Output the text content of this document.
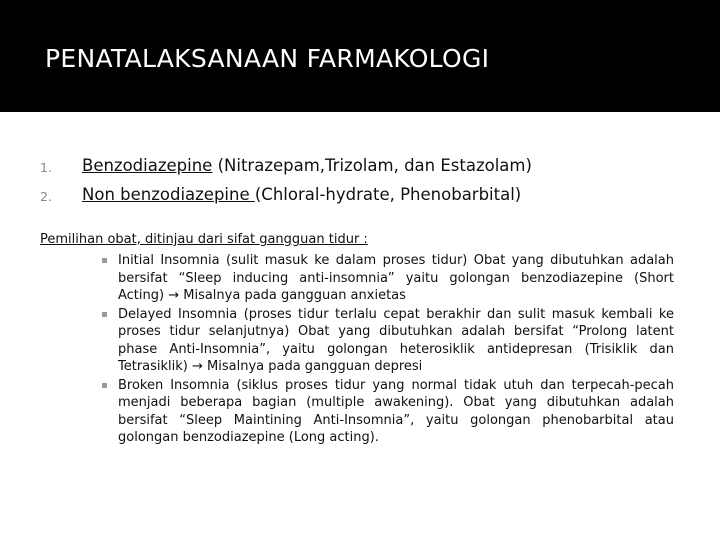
PENATALAKSANAAN FARMAKOLOGI
1. Benzodiazepine (Nitrazepam,Trizolam, dan Estazolam)
2. Non benzodiazepine (Chloral-hydrate, Phenobarbital)
Pemilihan obat, ditinjau dari sifat gangguan tidur :
Initial Insomnia (sulit masuk ke dalam proses tidur) Obat yang dibutuhkan adalah bersifat “Sleep inducing anti-insomnia” yaitu golongan benzodiazepine (Short Acting) → Misalnya pada gangguan anxietas
Delayed Insomnia (proses tidur terlalu cepat berakhir dan sulit masuk kembali ke proses tidur selanjutnya) Obat yang dibutuhkan adalah bersifat “Prolong latent phase Anti-Insomnia”, yaitu golongan heterosiklik antidepresan (Trisiklik dan Tetrasiklik) → Misalnya pada gangguan depresi
Broken Insomnia (siklus proses tidur yang normal tidak utuh dan terpecah-pecah menjadi beberapa bagian (multiple awakening). Obat yang dibutuhkan adalah bersifat “Sleep Maintining Anti-Insomnia”, yaitu golongan phenobarbital atau golongan benzodiazepine (Long acting).
